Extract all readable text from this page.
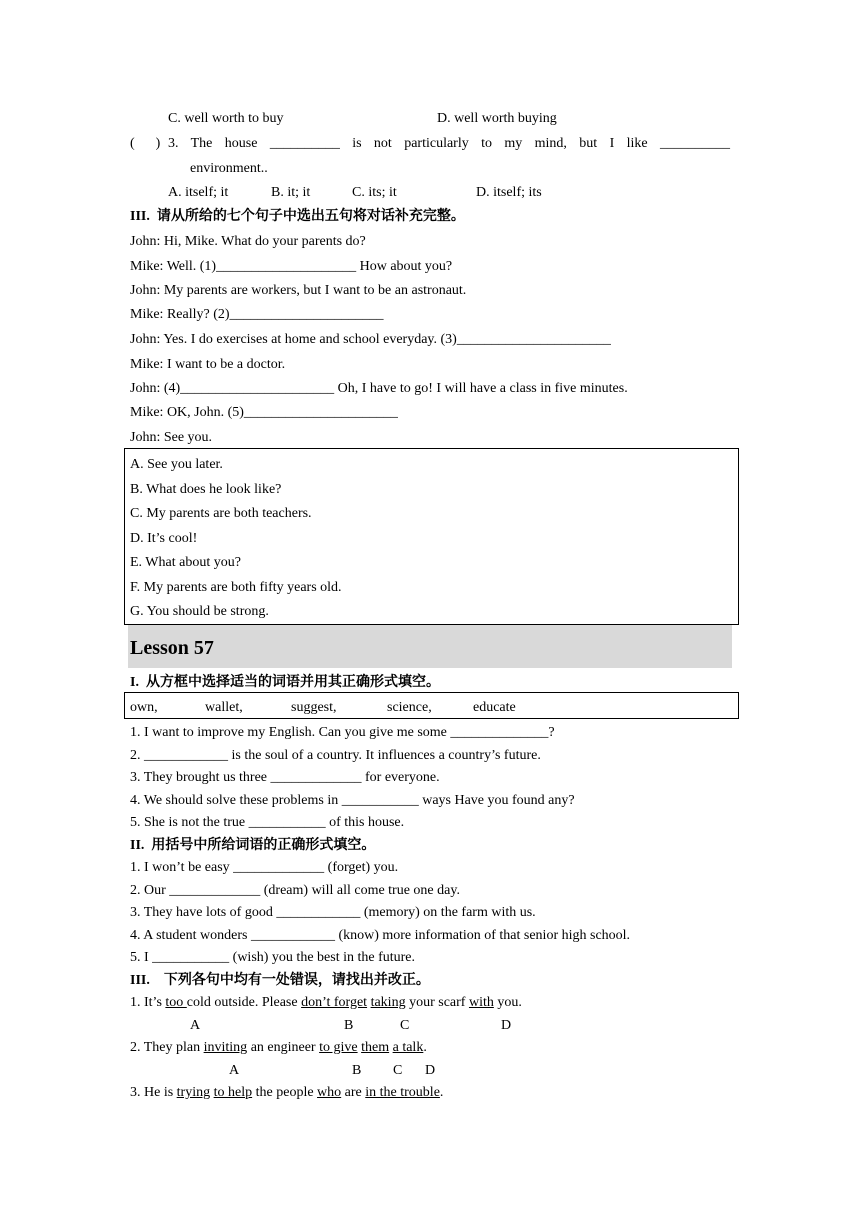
C. well worth to buy	D. well worth buying
(      ) 3. The house __________ is not particularly to my mind, but I like __________
environment..
A. itself; it	B. it; it	C. its; it	D. itself; its
III.  请从所给的七个句子中选出五句将对话补充完整。
John: Hi, Mike. What do your parents do?
Mike: Well. (1)____________________ How about you?
John: My parents are workers, but I want to be an astronaut.
Mike: Really? (2)______________________
John: Yes. I do exercises at home and school everyday. (3)______________________
Mike: I want to be a doctor.
John: (4)______________________ Oh, I have to go! I will have a class in five minutes.
Mike: OK, John. (5)______________________
John: See you.
A. See you later.
B. What does he look like?
C. My parents are both teachers.
D. It’s cool!
E. What about you?
F. My parents are both fifty years old.
G. You should be strong.
Lesson 57
I.  从方框中选择适当的词语并用其正确形式填空。
own,	wallet,	suggest,	science,	educate
1. I want to improve my English. Can you give me some ______________?
2. ____________ is the soul of a country. It influences a country’s future.
3. They brought us three _____________ for everyone.
4. We should solve these problems in ___________ ways Have you found any?
5. She is not the true ___________ of this house.
II.  用括号中所给词语的正确形式填空。
1. I won’t be easy _____________ (forget) you.
2. Our _____________ (dream) will all come true one day.
3. They have lots of good ____________ (memory) on the farm with us.
4. A student wonders ____________ (know) more information of that senior high school.
5. I ___________ (wish) you the best in the future.
III.    下列各句中均有一处错误，请找出并改正。
1. It’s too cold outside. Please don’t forget taking your scarf with you.
A	B	C	D
2. They plan inviting an engineer to give them a talk.
A	B C D
3. He is trying to help the people who are in the trouble.
